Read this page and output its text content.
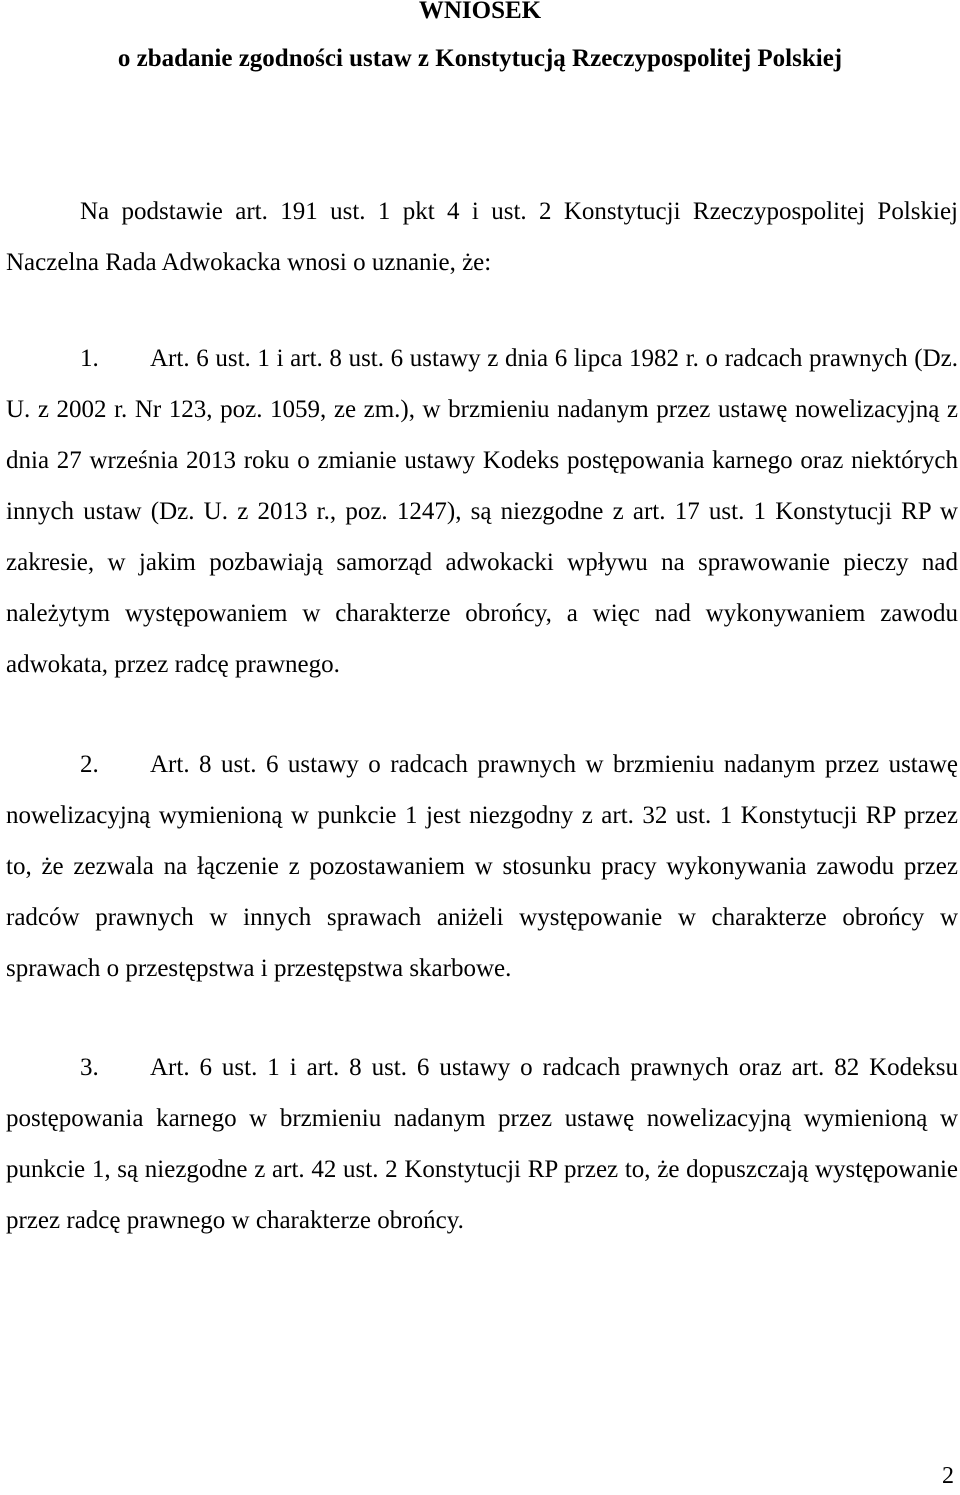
WNIOSEK
o zbadanie zgodności ustaw z Konstytucją Rzeczypospolitej Polskiej

Na podstawie art. 191 ust. 1 pkt 4 i ust. 2 Konstytucji Rzeczypospolitej Polskiej Naczelna Rada Adwokacka wnosi o uznanie, że:

1. Art. 6 ust. 1 i art. 8 ust. 6 ustawy z dnia 6 lipca 1982 r. o radcach prawnych (Dz. U. z 2002 r. Nr 123, poz. 1059, ze zm.), w brzmieniu nadanym przez ustawę nowelizacyjną z dnia 27 września 2013 roku o zmianie ustawy Kodeks postępowania karnego oraz niektórych innych ustaw (Dz. U. z 2013 r., poz. 1247), są niezgodne z art. 17 ust. 1 Konstytucji RP w zakresie, w jakim pozbawiają samorząd adwokacki wpływu na sprawowanie pieczy nad należytym występowaniem w charakterze obrońcy, a więc nad wykonywaniem zawodu adwokata, przez radcę prawnego.

2. Art. 8 ust. 6 ustawy o radcach prawnych w brzmieniu nadanym przez ustawę nowelizacyjną wymienioną w punkcie 1 jest niezgodny z art. 32 ust. 1 Konstytucji RP przez to, że zezwala na łączenie z pozostawaniem w stosunku pracy wykonywania zawodu przez radców prawnych w innych sprawach aniżeli występowanie w charakterze obrońcy w sprawach o przestępstwa i przestępstwa skarbowe.

3. Art. 6 ust. 1 i art. 8 ust. 6 ustawy o radcach prawnych oraz art. 82 Kodeksu postępowania karnego w brzmieniu nadanym przez ustawę nowelizacyjną wymienioną w punkcie 1, są niezgodne z art. 42 ust. 2 Konstytucji RP przez to, że dopuszczają występowanie przez radcę prawnego w charakterze obrońcy.

2
